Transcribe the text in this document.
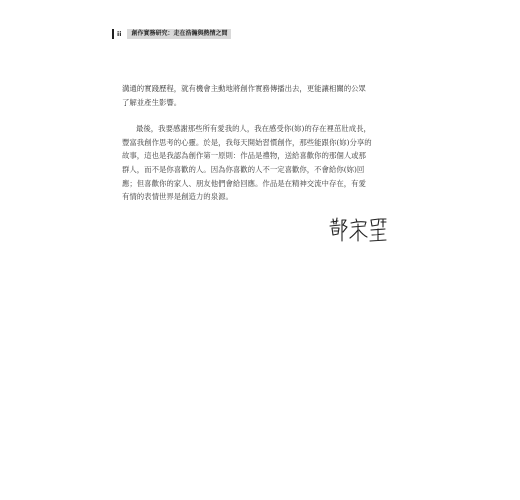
ii	創作實務研究：走在浩瀚與熱情之間

溝通的實踐歷程，就有機會主動地將創作實務傳播出去，更能讓相關的公眾
了解並產生影響。

最後，我要感謝那些所有愛我的人，我在感受你(妳)的存在裡茁壯成長，
豐富我創作思考的心靈。於是，我每天開始習慣創作，那些能跟你(妳)分享的
故事，這也是我認為創作第一原則：作品是禮物，送給喜歡你的那個人或那
群人，而不是你喜歡的人。因為你喜歡的人不一定喜歡你，不會給你(妳)回
應；但喜歡你的家人、朋友他們會給回應。作品是在精神交流中存在，有愛
有情的表情世界是創造力的泉源。
